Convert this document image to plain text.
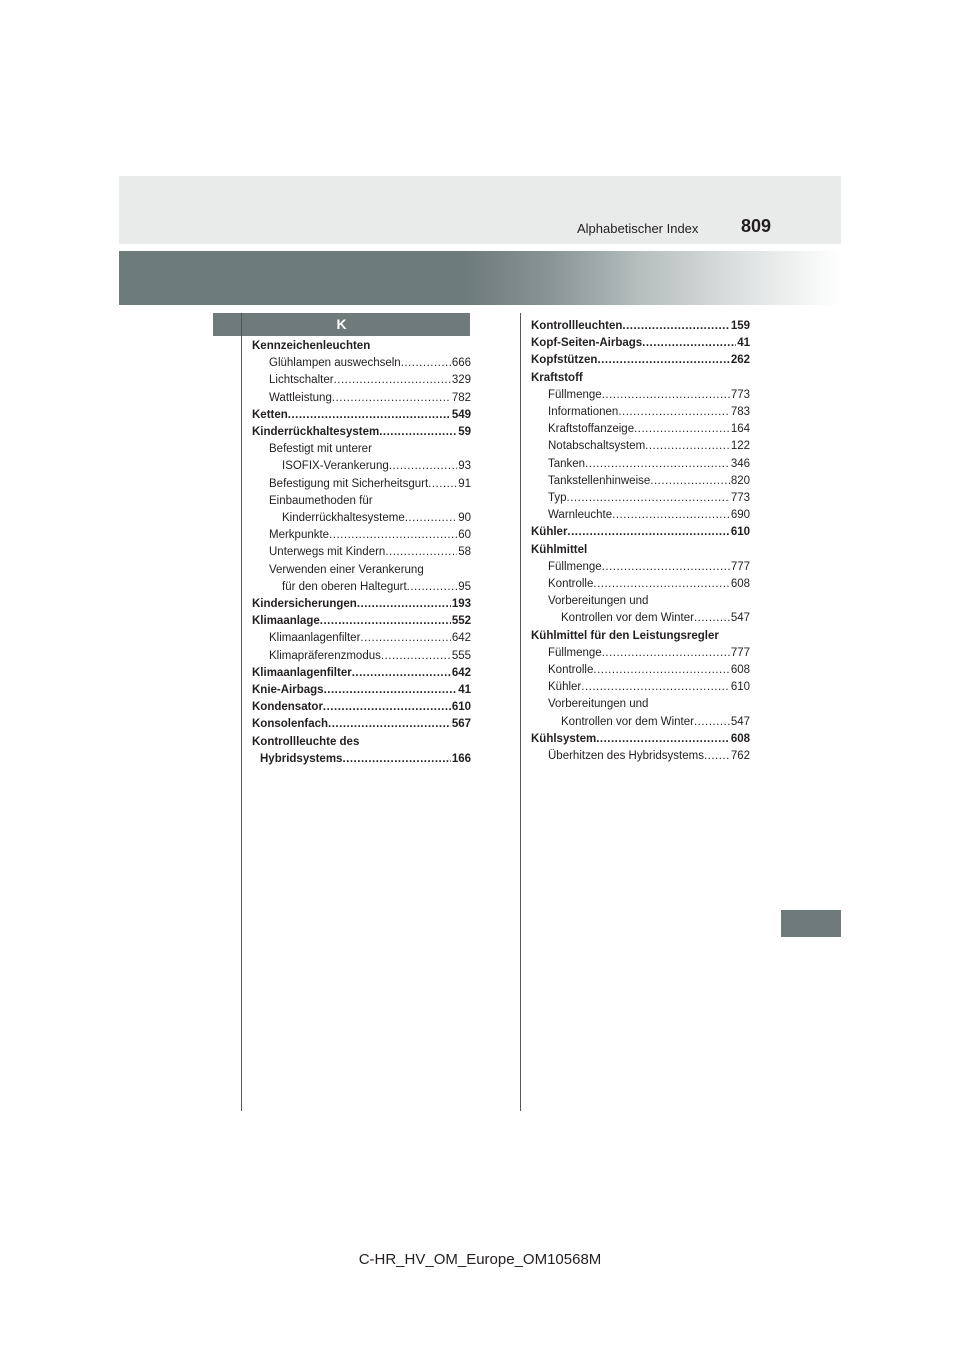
Alphabetischer Index 809
K
Kennzeichenleuchten
Glühlampen auswechseln .....	666
Lichtschalter .....	329
Wattleistung .....	782
Ketten .....	549
Kinderrückhaltesystem .....	59
Befestigt mit unterer
ISOFIX-Verankerung .....	93
Befestigung mit Sicherheitsgurt .....	91
Einbaumethoden für
Kinderrückhaltesysteme .....	90
Merkpunkte .....	60
Unterwegs mit Kindern .....	58
Verwenden einer Verankerung
für den oberen Haltegurt .....	95
Kindersicherungen .....	193
Klimaanlage .....	552
Klimaanlagenfilter .....	642
Klimapräferenzmodus .....	555
Klimaanlagenfilter .....	642
Knie-Airbags .....	41
Kondensator .....	610
Konsolenfach .....	567
Kontrollleuchte des
Hybridsystems .....	166
Kontrollleuchten .....	159
Kopf-Seiten-Airbags .....	41
Kopfstützen .....	262
Kraftstoff
Füllmenge .....	773
Informationen .....	783
Kraftstoffanzeige .....	164
Notabschaltsystem .....	122
Tanken .....	346
Tankstellenhinweise .....	820
Typ .....	773
Warnleuchte .....	690
Kühler .....	610
Kühlmittel
Füllmenge .....	777
Kontrolle .....	608
Vorbereitungen und
Kontrollen vor dem Winter .....	547
Kühlmittel für den Leistungsregler
Füllmenge .....	777
Kontrolle .....	608
Kühler .....	610
Vorbereitungen und
Kontrollen vor dem Winter .....	547
Kühlsystem .....	608
Überhitzen des Hybridsystems ..... 762
C-HR_HV_OM_Europe_OM10568M
